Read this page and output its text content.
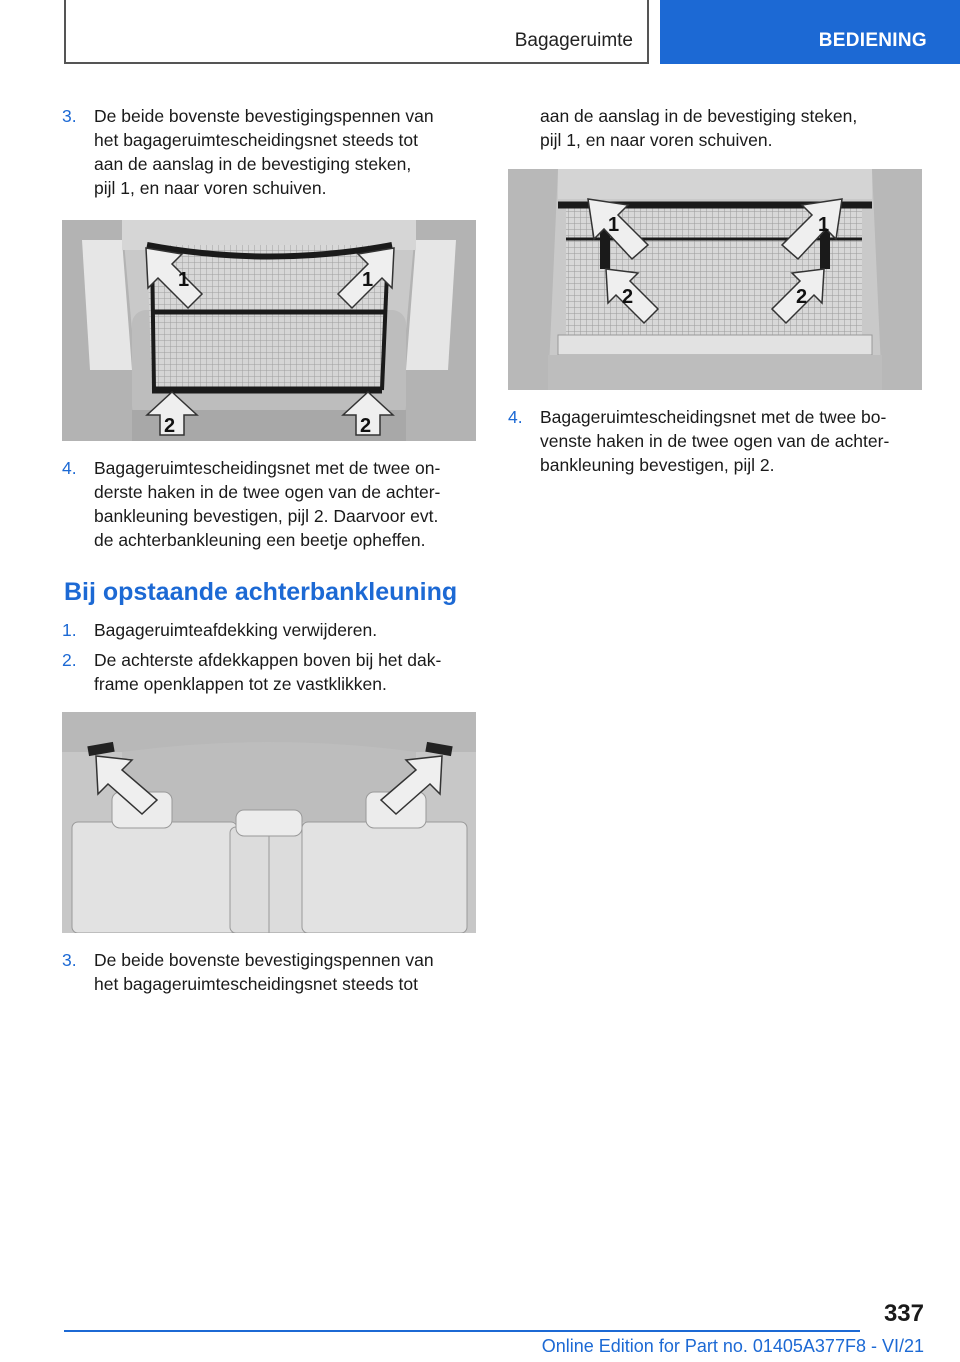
Bagageruimte	BEDIENING
3. De beide bovenste bevestigingspennen van
het bagageruimtescheidingsnet steeds tot
aan de aanslag in de bevestiging steken,
pijl 1, en naar voren schuiven.
1	1
2	2
4. Bagageruimtescheidingsnet met de twee on-
derste haken in de twee ogen van de achter-
bankleuning bevestigen, pijl 2. Daarvoor evt.
de achterbankleuning een beetje opheffen.
Bij opstaande achterbankleuning
1. Bagageruimteafdekking verwijderen.
2. De achterste afdekkappen boven bij het dak-
frame openklappen tot ze vastklikken.
3. De beide bovenste bevestigingspennen van
het bagageruimtescheidingsnet steeds tot
aan de aanslag in de bevestiging steken,
pijl 1, en naar voren schuiven.
1	1
2	2
4. Bagageruimtescheidingsnet met de twee bo-
venste haken in de twee ogen van de achter-
bankleuning bevestigen, pijl 2.
337
Online Edition for Part no. 01405A377F8 - VI/21
